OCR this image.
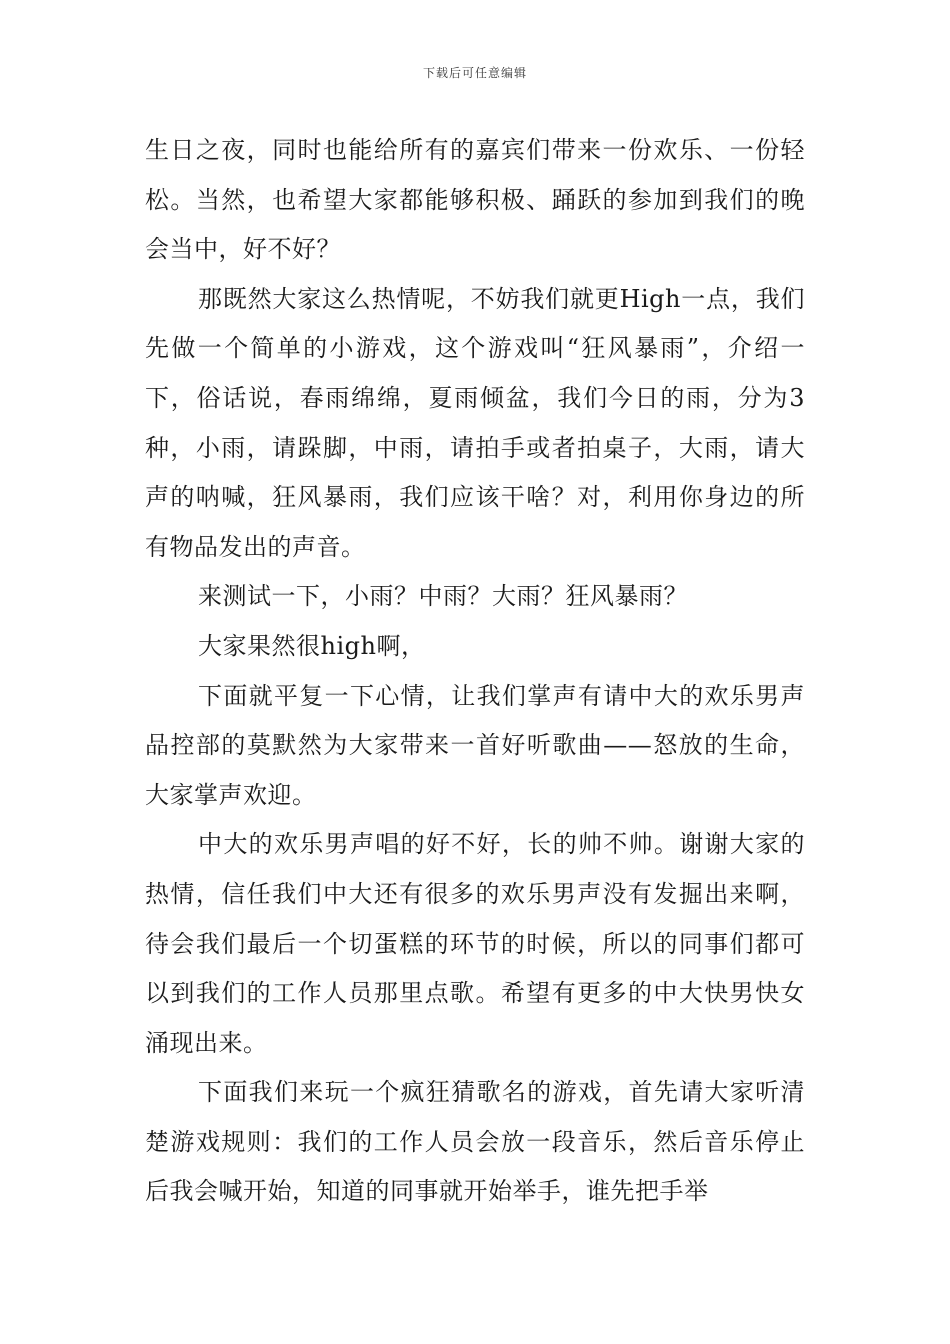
下载后可任意编辑

生日之夜，同时也能给所有的嘉宾们带来一份欢乐、一份轻松。当然，也希望大家都能够积极、踊跃的参加到我们的晚会当中，好不好？

那既然大家这么热情呢，不妨我们就更High一点，我们先做一个简单的小游戏，这个游戏叫“狂风暴雨”，介绍一下，俗话说，春雨绵绵，夏雨倾盆，我们今日的雨，分为3种，小雨，请跺脚，中雨，请拍手或者拍桌子，大雨，请大声的呐喊，狂风暴雨，我们应该干啥？对，利用你身边的所有物品发出的声音。

来测试一下，小雨？中雨？大雨？狂风暴雨？

大家果然很high啊，

下面就平复一下心情，让我们掌声有请中大的欢乐男声品控部的莫默然为大家带来一首好听歌曲——怒放的生命，大家掌声欢迎。

中大的欢乐男声唱的好不好，长的帅不帅。谢谢大家的热情，信任我们中大还有很多的欢乐男声没有发掘出来啊，待会我们最后一个切蛋糕的环节的时候，所以的同事们都可以到我们的工作人员那里点歌。希望有更多的中大快男快女涌现出来。

下面我们来玩一个疯狂猜歌名的游戏，首先请大家听清楚游戏规则：我们的工作人员会放一段音乐，然后音乐停止后我会喊开始，知道的同事就开始举手，谁先把手举
